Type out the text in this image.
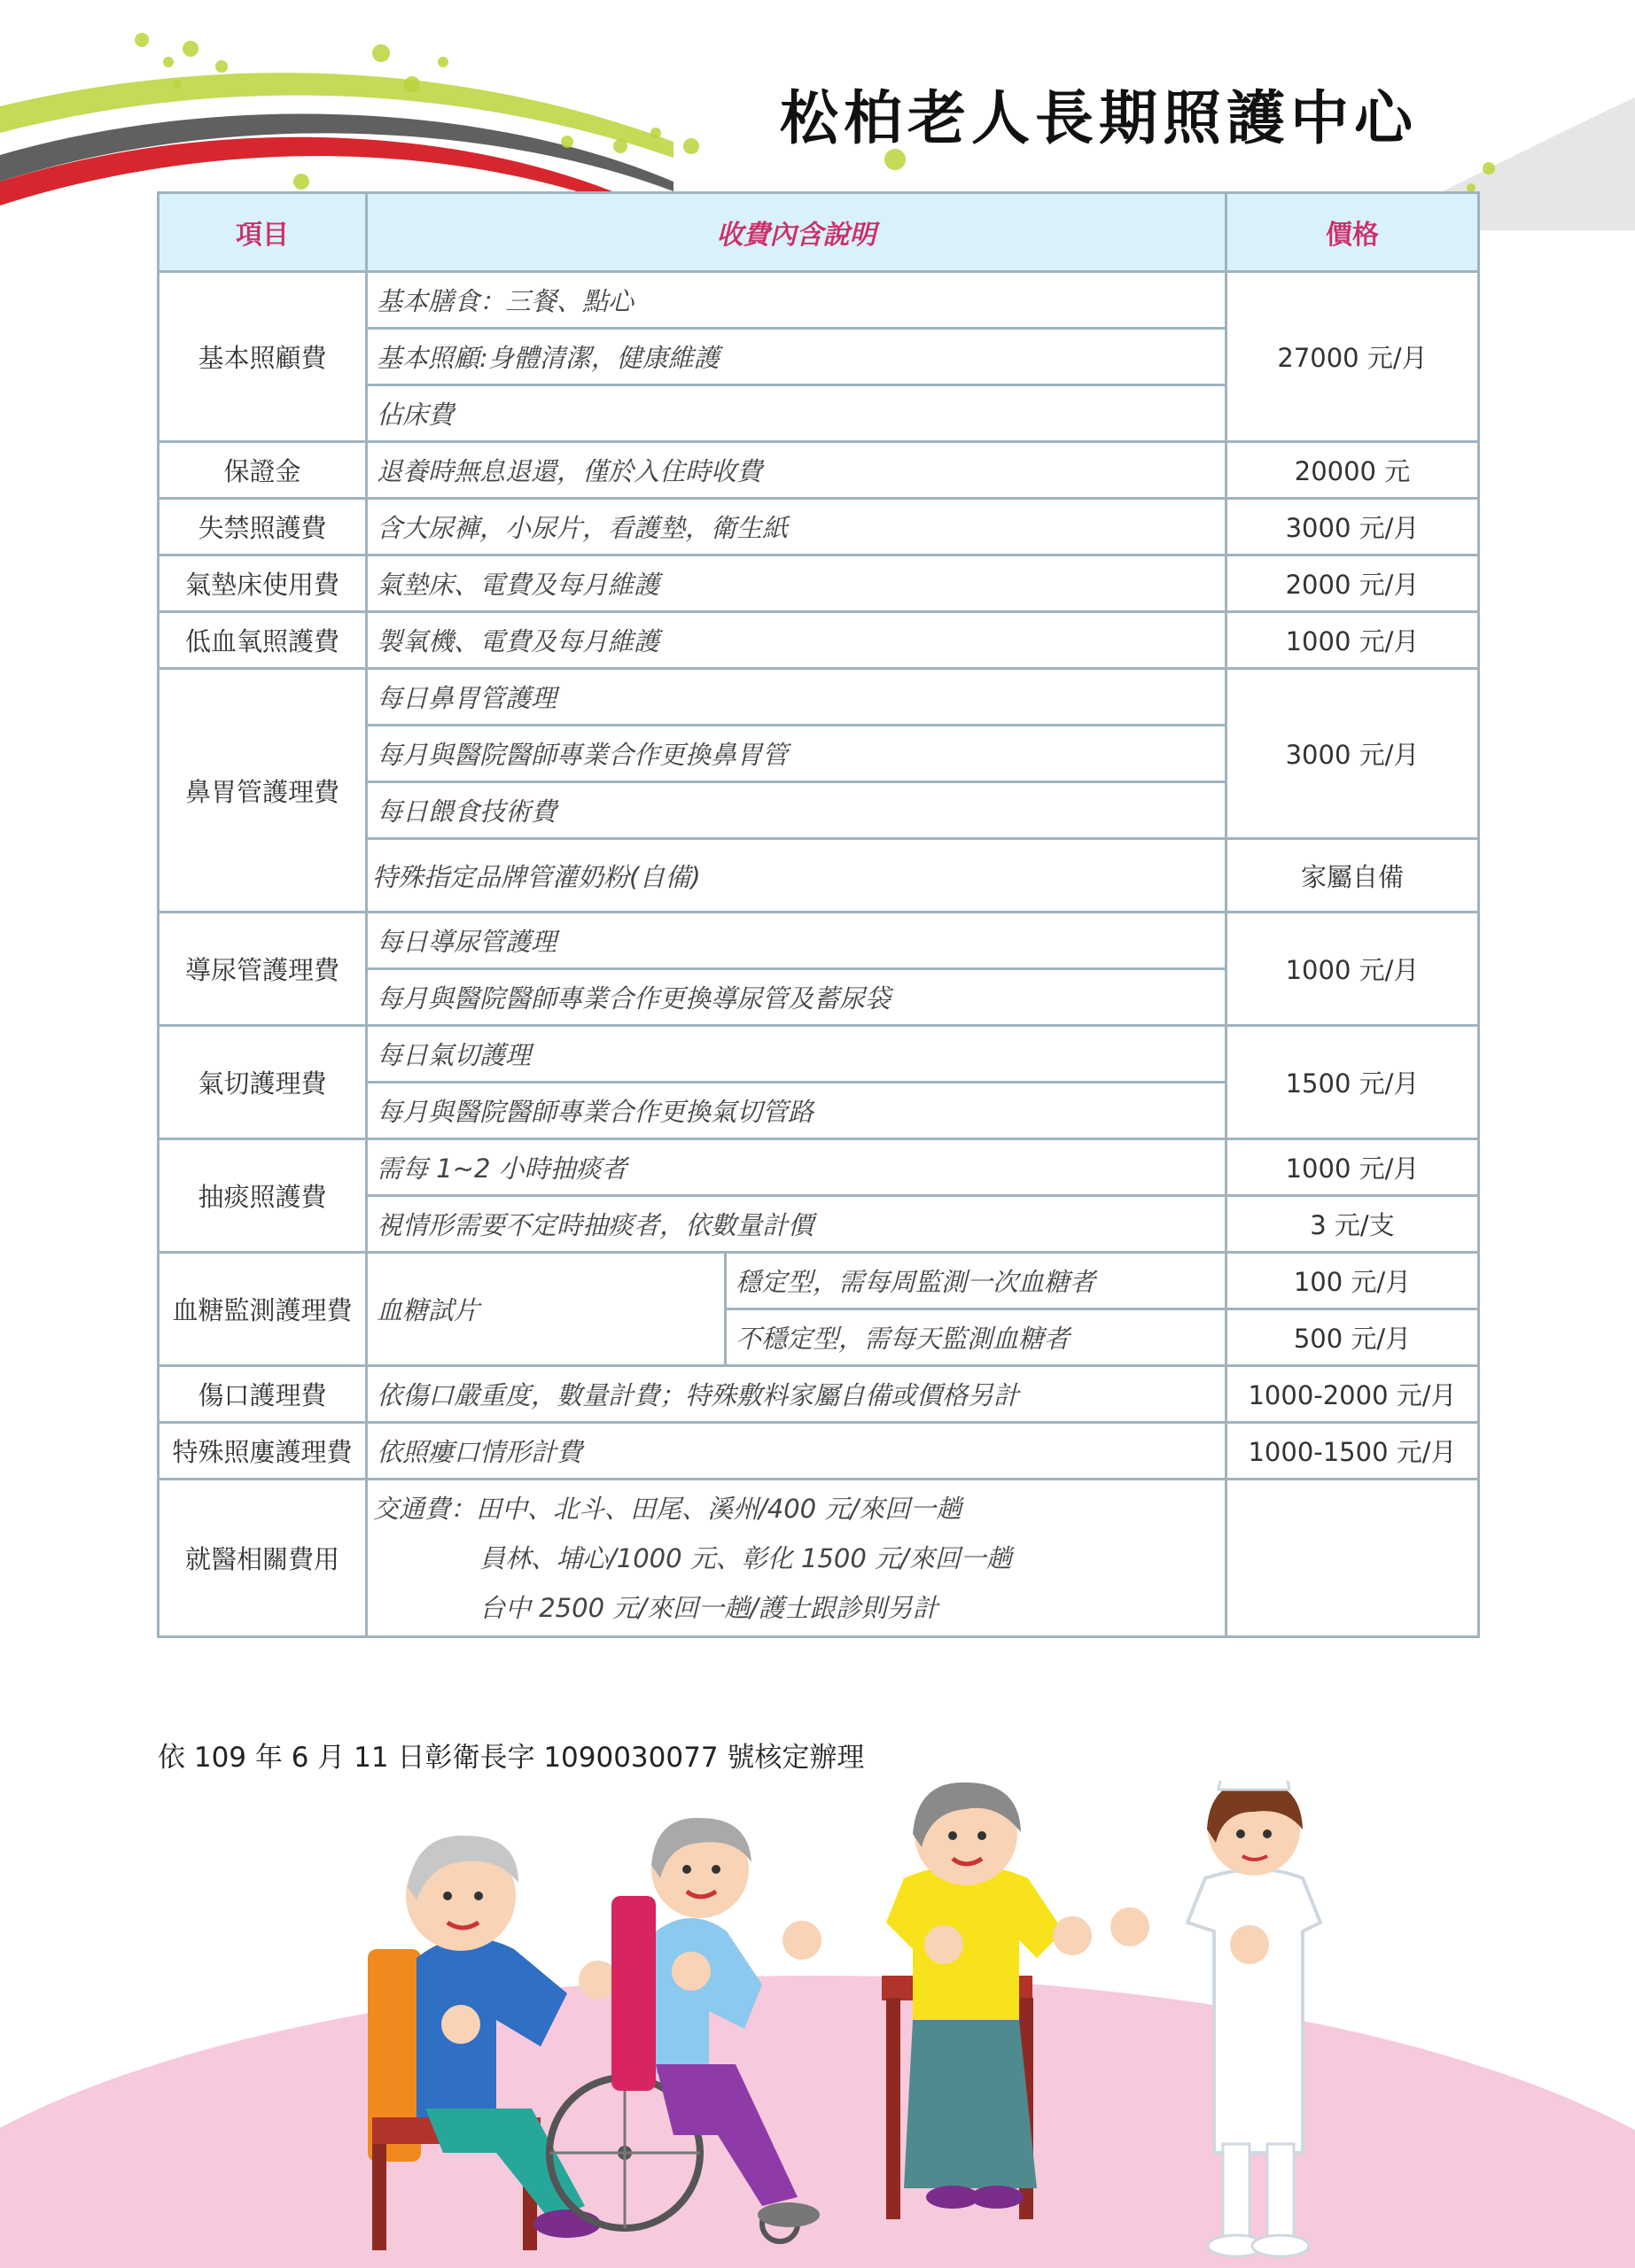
松柏老人長期照護中心
項目	收費內含說明		價格
基本照顧費	基本膳食：三餐、點心		27000 元/月
	基本照顧:身體清潔，健康維護		
	佔床費		
保證金	退養時無息退還，僅於入住時收費		20000 元
失禁照護費	含大尿褲，小尿片，看護墊，衛生紙		3000 元/月
氣墊床使用費	氣墊床、電費及每月維護		2000 元/月
低血氧照護費	製氧機、電費及每月維護		1000 元/月
鼻胃管護理費	每日鼻胃管護理		3000 元/月
	每月與醫院醫師專業合作更換鼻胃管		
	每日餵食技術費		
	特殊指定品牌管灌奶粉(自備)		家屬自備
導尿管護理費	每日導尿管護理		1000 元/月
	每月與醫院醫師專業合作更換導尿管及蓄尿袋		
氣切護理費	每日氣切護理		1500 元/月
	每月與醫院醫師專業合作更換氣切管路		
抽痰照護費	需每 1~2 小時抽痰者		1000 元/月
	視情形需要不定時抽痰者，依數量計價		3 元/支
血糖監測護理費	血糖試片	穩定型，需每周監測一次血糖者	100 元/月
		不穩定型，需每天監測血糖者	500 元/月
傷口護理費	依傷口嚴重度，數量計費；特殊敷料家屬自備或價格另計		1000-2000 元/月
特殊照廔護理費	依照瘻口情形計費		1000-1500 元/月
就醫相關費用	交通費：田中、北斗、田尾、溪州/400 元/來回一趟
員林、埔心/1000 元、彰化 1500 元/來回一趟
台中 2500 元/來回一趟/護士跟診則另計		

依 109 年 6 月 11 日彰衛長字 1090030077 號核定辦理
